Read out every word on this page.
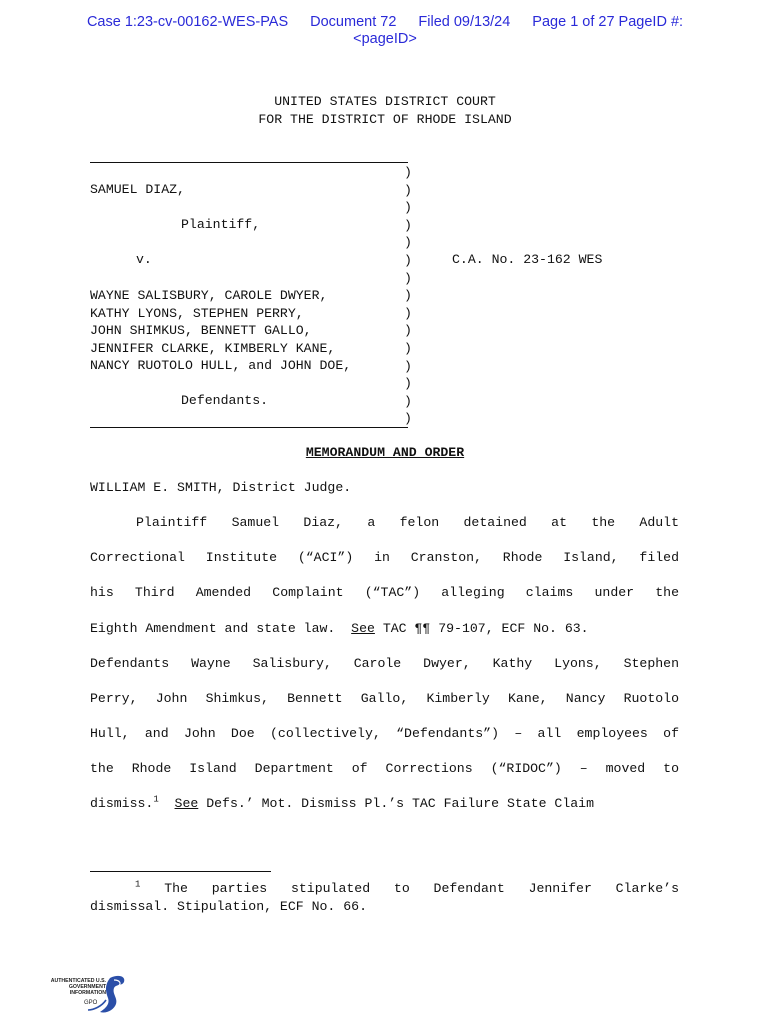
Case 1:23-cv-00162-WES-PAS Document 72 Filed 09/13/24 Page 1 of 27 PageID #:
<pageID>
UNITED STATES DISTRICT COURT
FOR THE DISTRICT OF RHODE ISLAND
)
)
)
)
)
)
)
)
)
)
)
)
)
)
)
SAMUEL DIAZ,
Plaintiff,
v.	C.A. No. 23-162 WES
WAYNE SALISBURY, CAROLE DWYER,
KATHY LYONS, STEPHEN PERRY,
JOHN SHIMKUS, BENNETT GALLO,
JENNIFER CLARKE, KIMBERLY KANE,
NANCY RUOTOLO HULL, and JOHN DOE,
Defendants.
MEMORANDUM AND ORDER
WILLIAM E. SMITH, District Judge.
Plaintiff Samuel Diaz, a felon detained at the Adult
Correctional Institute (“ACI”) in Cranston, Rhode Island, filed
his Third Amended Complaint (“TAC”) alleging claims under the
Eighth Amendment and state law. See TAC ¶¶ 79-107, ECF No. 63.
Defendants Wayne Salisbury, Carole Dwyer, Kathy Lyons, Stephen
Perry, John Shimkus, Bennett Gallo, Kimberly Kane, Nancy Ruotolo
Hull, and John Doe (collectively, “Defendants”) – all employees of
the Rhode Island Department of Corrections (“RIDOC”) – moved to
dismiss.$^1$ See Defs.’ Mot. Dismiss Pl.’s TAC Failure State Claim
$^1$ The parties stipulated to Defendant Jennifer Clarke’s
dismissal. Stipulation, ECF No. 66.
AUTHENTICATED U.S. GOVERNMENT INFORMATION
GPO
